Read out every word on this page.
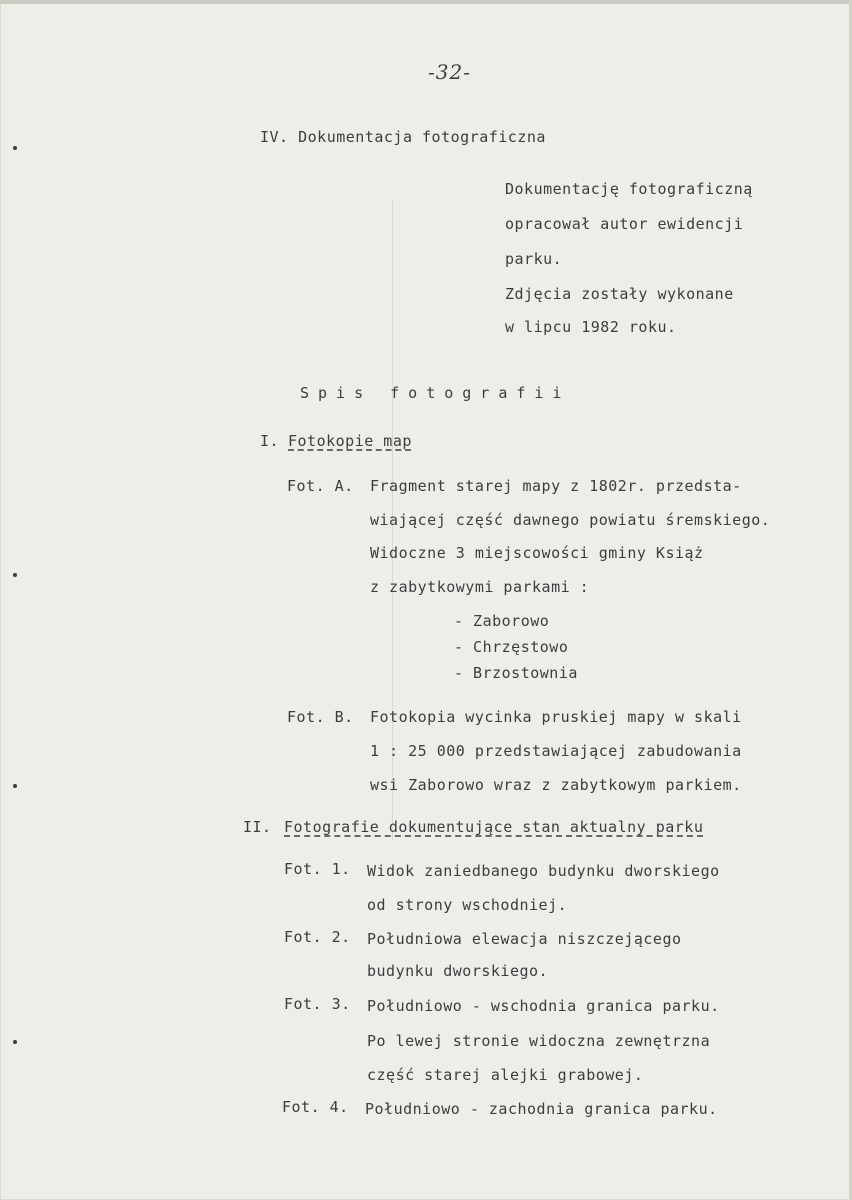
-32-
IV. Dokumentacja fotograficzna
Dokumentację fotograficzną
opracował autor ewidencji
parku.
Zdjęcia zostały wykonane
w lipcu 1982 roku.
Spis fotografii
I. Fotokopie map
Fot. A. Fragment starej mapy z 1802r. przedsta-
wiającej część dawnego powiatu śremskiego.
Widoczne 3 miejscowości gminy Książ
z zabytkowymi parkami :
- Zaborowo
- Chrzęstowo
- Brzostownia
Fot. B. Fotokopia wycinka pruskiej mapy w skali
1 : 25 000 przedstawiającej zabudowania
wsi Zaborowo wraz z zabytkowym parkiem.
II. Fotografie dokumentujące stan aktualny parku
Fot. 1. Widok zaniedbanego budynku dworskiego
od strony wschodniej.
Fot. 2. Południowa elewacja niszczejącego
budynku dworskiego.
Fot. 3. Południowo - wschodnia granica parku.
Po lewej stronie widoczna zewnętrzna
część starej alejki grabowej.
Fot. 4. Południowo - zachodnia granica parku.
